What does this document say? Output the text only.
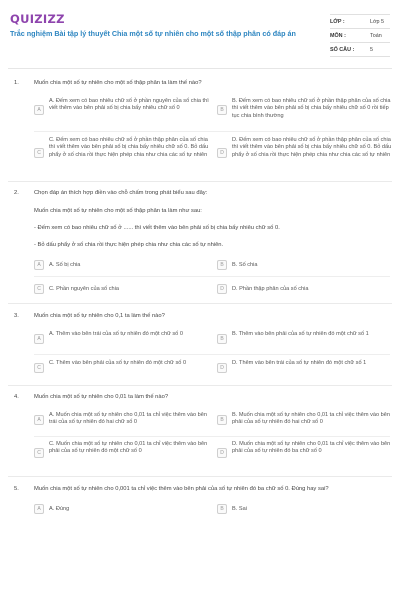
QUIZIZZ
Trắc nghiệm Bài tập lý thuyết Chia một số tự nhiên cho một số thập phân có đáp án
LỚP :	Lớp 5
MÔN :	Toán
SỐ CÂU :	5
1.	Muốn chia một số tự nhiên cho một số thập phân ta làm thế nào?
A
A. Đếm xem có bao nhiêu chữ số ở phần nguyên của số chia thì viết thêm vào bên phải số bị chia bấy nhiêu chữ số 0	B
B. Đếm xem có bao nhiêu chữ số ở phần thập phân của số chia thì viết thêm vào bên phải số bị chia bấy nhiêu chữ số 0 rồi tiếp tục chia bình thường
C
C. Đếm xem có bao nhiêu chữ số ở phần thập phân của số chia thì viết thêm vào bên phải số bị chia bấy nhiêu chữ số 0. Bỏ dấu phẩy ở số chia rồi thực hiện phép chia như chia các số tự nhiên	D
D. Đếm xem có bao nhiêu chữ số ở phần thập phân của số chia thì viết thêm vào bên phải số bị chia bấy nhiêu chữ số 0. Bỏ dấu phẩy ở số chia rồi thực hiện phép chia như chia các số tự nhiên
2.	Chọn đáp án thích hợp điền vào chỗ chấm trong phát biểu sau đây:
Muốn chia một số tự nhiên cho một số thập phân ta làm như sau:
- Đếm xem có bao nhiêu chữ số ở ...... thì viết thêm vào bên phải số bị chia bấy nhiêu chữ số 0.
- Bỏ dấu phẩy ở số chia rồi thực hiện phép chia như chia các số tự nhiên.
A	A. Số bị chia	B	B. Số chia
C	C. Phần nguyên của số chia	D	D. Phần thập phân của số chia
3.	Muốn chia một số tự nhiên cho 0,1 ta làm thế nào?
A
A. Thêm vào bên trái của số tự nhiên đó một chữ số 0
B
B. Thêm vào bên phải của số tự nhiên đó một chữ số 1
C
C. Thêm vào bên phải của số tự nhiên đó một chữ số 0
D
D. Thêm vào bên trái của số tự nhiên đó một chữ số 1
4.	Muốn chia một số tự nhiên cho 0,01 ta làm thế nào?
A
A. Muốn chia một số tự nhiên cho 0,01 ta chỉ việc thêm vào bên trái của số tự nhiên đó hai chữ số 0	B
B. Muốn chia một số tự nhiên cho 0,01 ta chỉ việc thêm vào bên phải của số tự nhiên đó hai chữ số 0
C
C. Muốn chia một số tự nhiên cho 0,01 ta chỉ việc thêm vào bên phải của số tự nhiên đó một chữ số 0	D
D. Muốn chia một số tự nhiên cho 0,01 ta chỉ việc thêm vào bên phải của số tự nhiên đó ba chữ số 0
5.	Muốn chia một số tự nhiên cho 0,001 ta chỉ việc thêm vào bên phải của số tự nhiên đó ba chữ số 0. Đúng hay sai?
A	A. Đúng	B	B. Sai
